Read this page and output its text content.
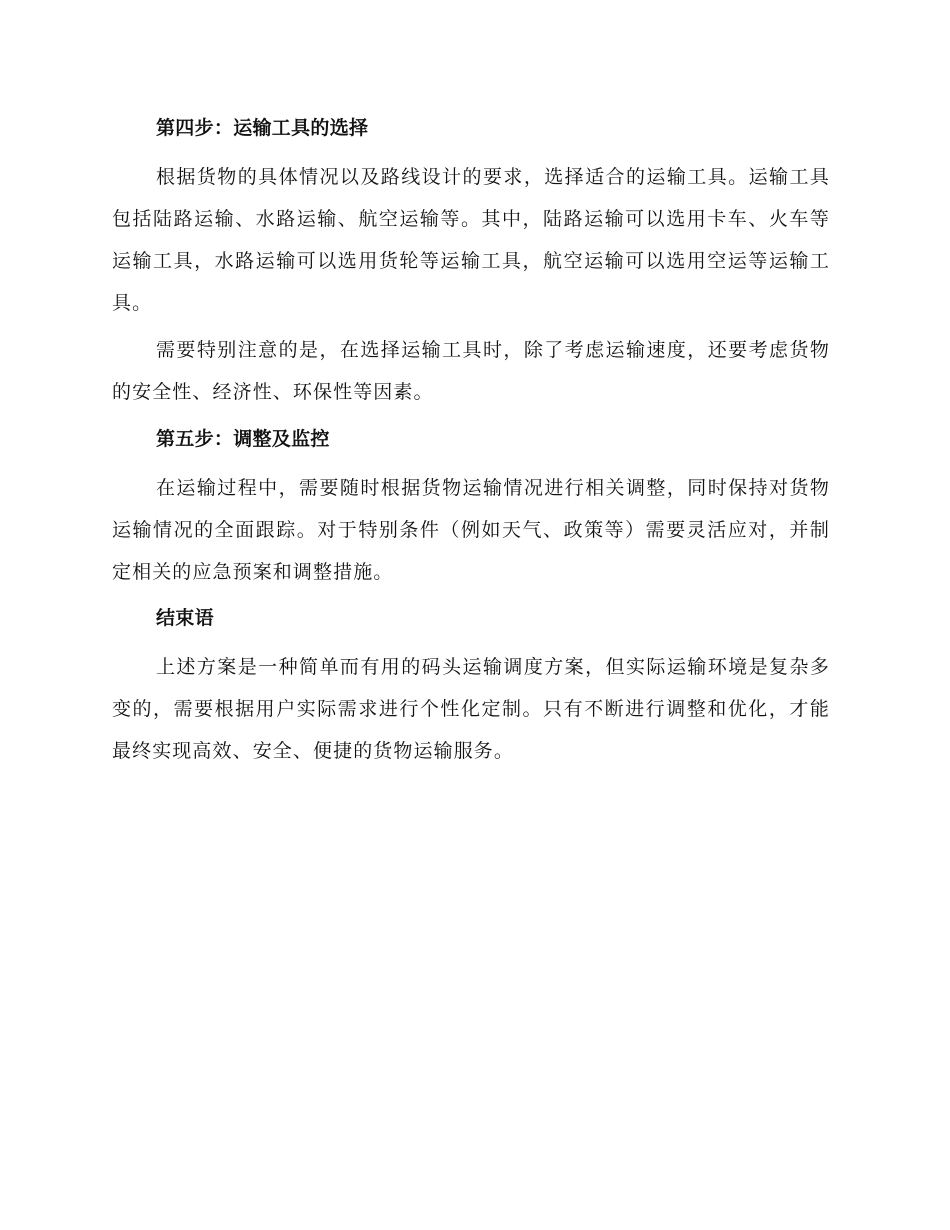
第四步：运输工具的选择

根据货物的具体情况以及路线设计的要求，选择适合的运输工具。运输工具包括陆路运输、水路运输、航空运输等。其中，陆路运输可以选用卡车、火车等运输工具，水路运输可以选用货轮等运输工具，航空运输可以选用空运等运输工具。

需要特别注意的是，在选择运输工具时，除了考虑运输速度，还要考虑货物的安全性、经济性、环保性等因素。

第五步：调整及监控

在运输过程中，需要随时根据货物运输情况进行相关调整，同时保持对货物运输情况的全面跟踪。对于特别条件（例如天气、政策等）需要灵活应对，并制定相关的应急预案和调整措施。

结束语

上述方案是一种简单而有用的码头运输调度方案，但实际运输环境是复杂多变的，需要根据用户实际需求进行个性化定制。只有不断进行调整和优化，才能最终实现高效、安全、便捷的货物运输服务。
